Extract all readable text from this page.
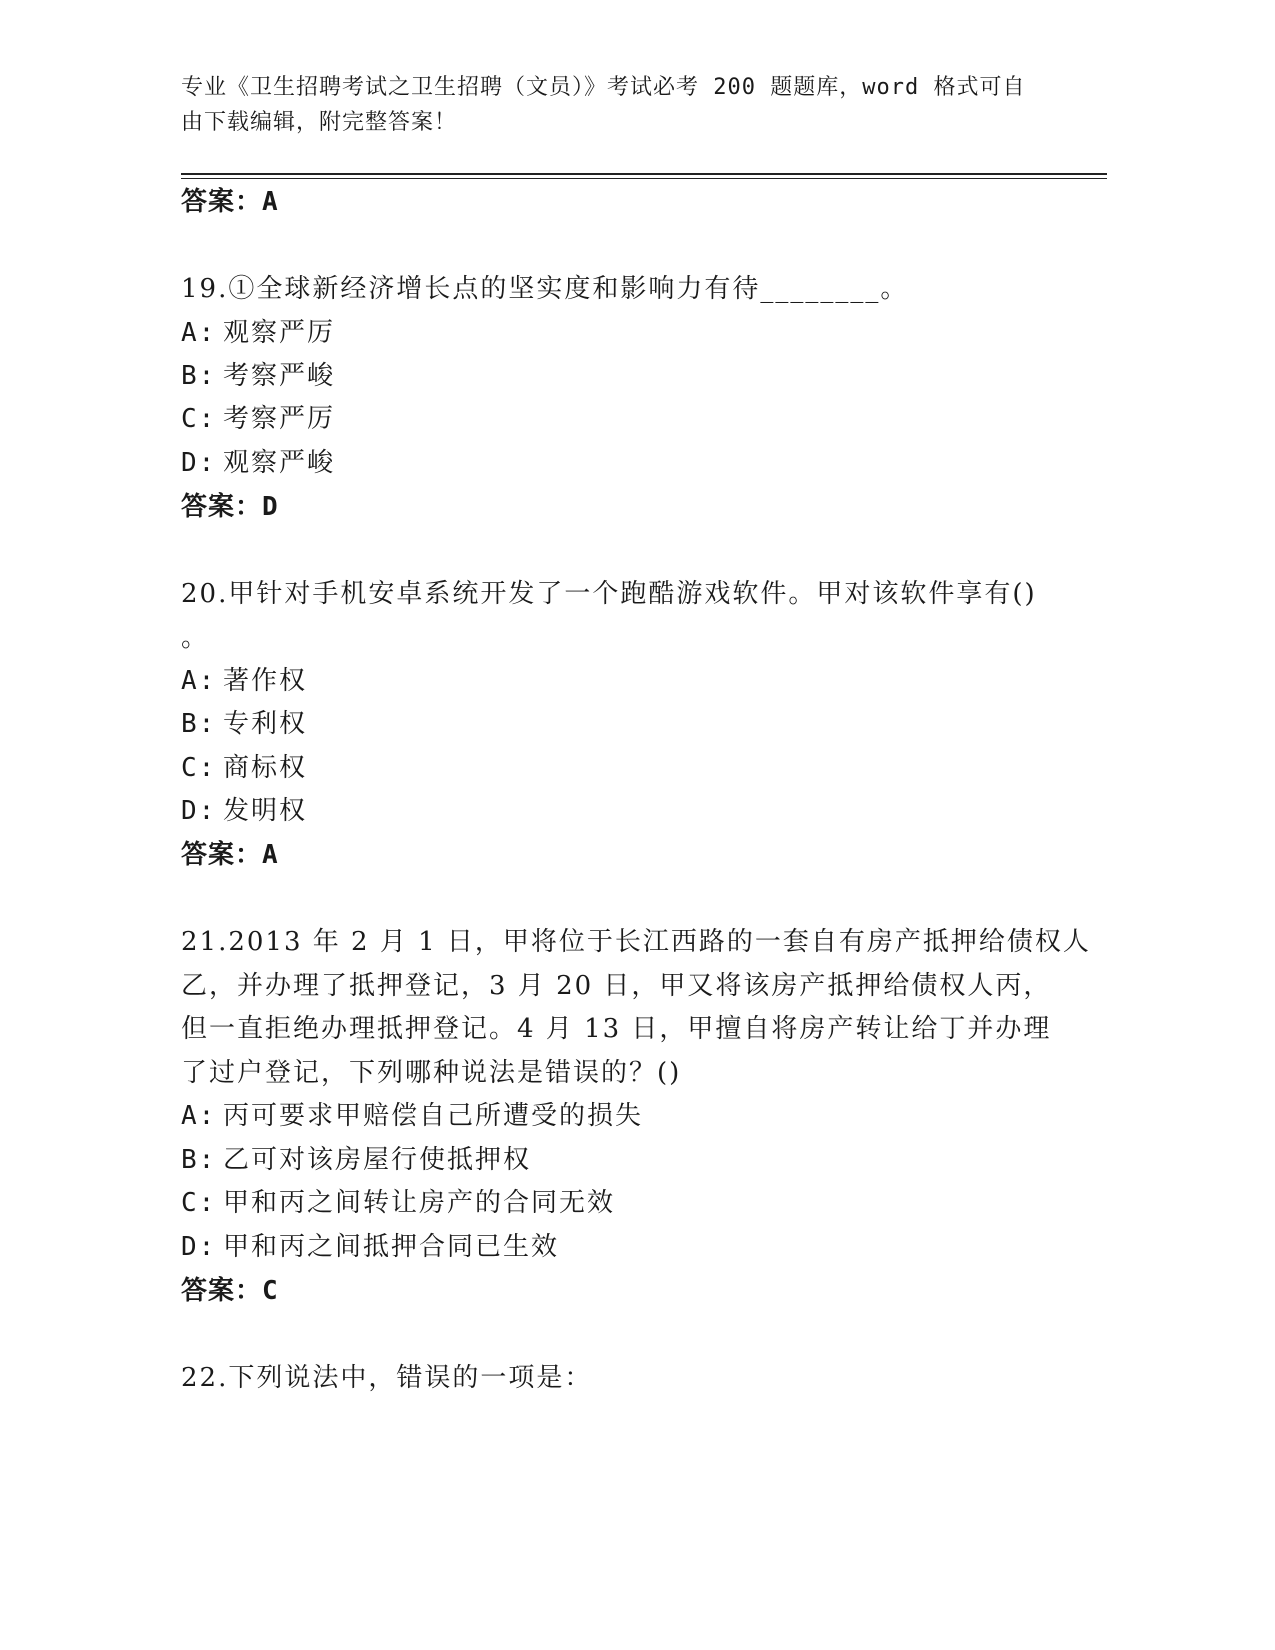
专业《卫生招聘考试之卫生招聘（文员）》考试必考 200 题题库，word 格式可自
由下载编辑，附完整答案！
答案：A
19.①全球新经济增长点的坚实度和影响力有待________。
A: 观察严厉
B: 考察严峻
C: 考察严厉
D: 观察严峻
答案：D
20.甲针对手机安卓系统开发了一个跑酷游戏软件。甲对该软件享有()
。
A: 著作权
B: 专利权
C: 商标权
D: 发明权
答案：A
21.2013 年 2 月 1 日，甲将位于长江西路的一套自有房产抵押给债权人
乙，并办理了抵押登记，3 月 20 日，甲又将该房产抵押给债权人丙，
但一直拒绝办理抵押登记。4 月 13 日，甲擅自将房产转让给丁并办理
了过户登记，下列哪种说法是错误的？()
A: 丙可要求甲赔偿自己所遭受的损失
B: 乙可对该房屋行使抵押权
C: 甲和丙之间转让房产的合同无效
D: 甲和丙之间抵押合同已生效
答案：C
22.下列说法中，错误的一项是：
